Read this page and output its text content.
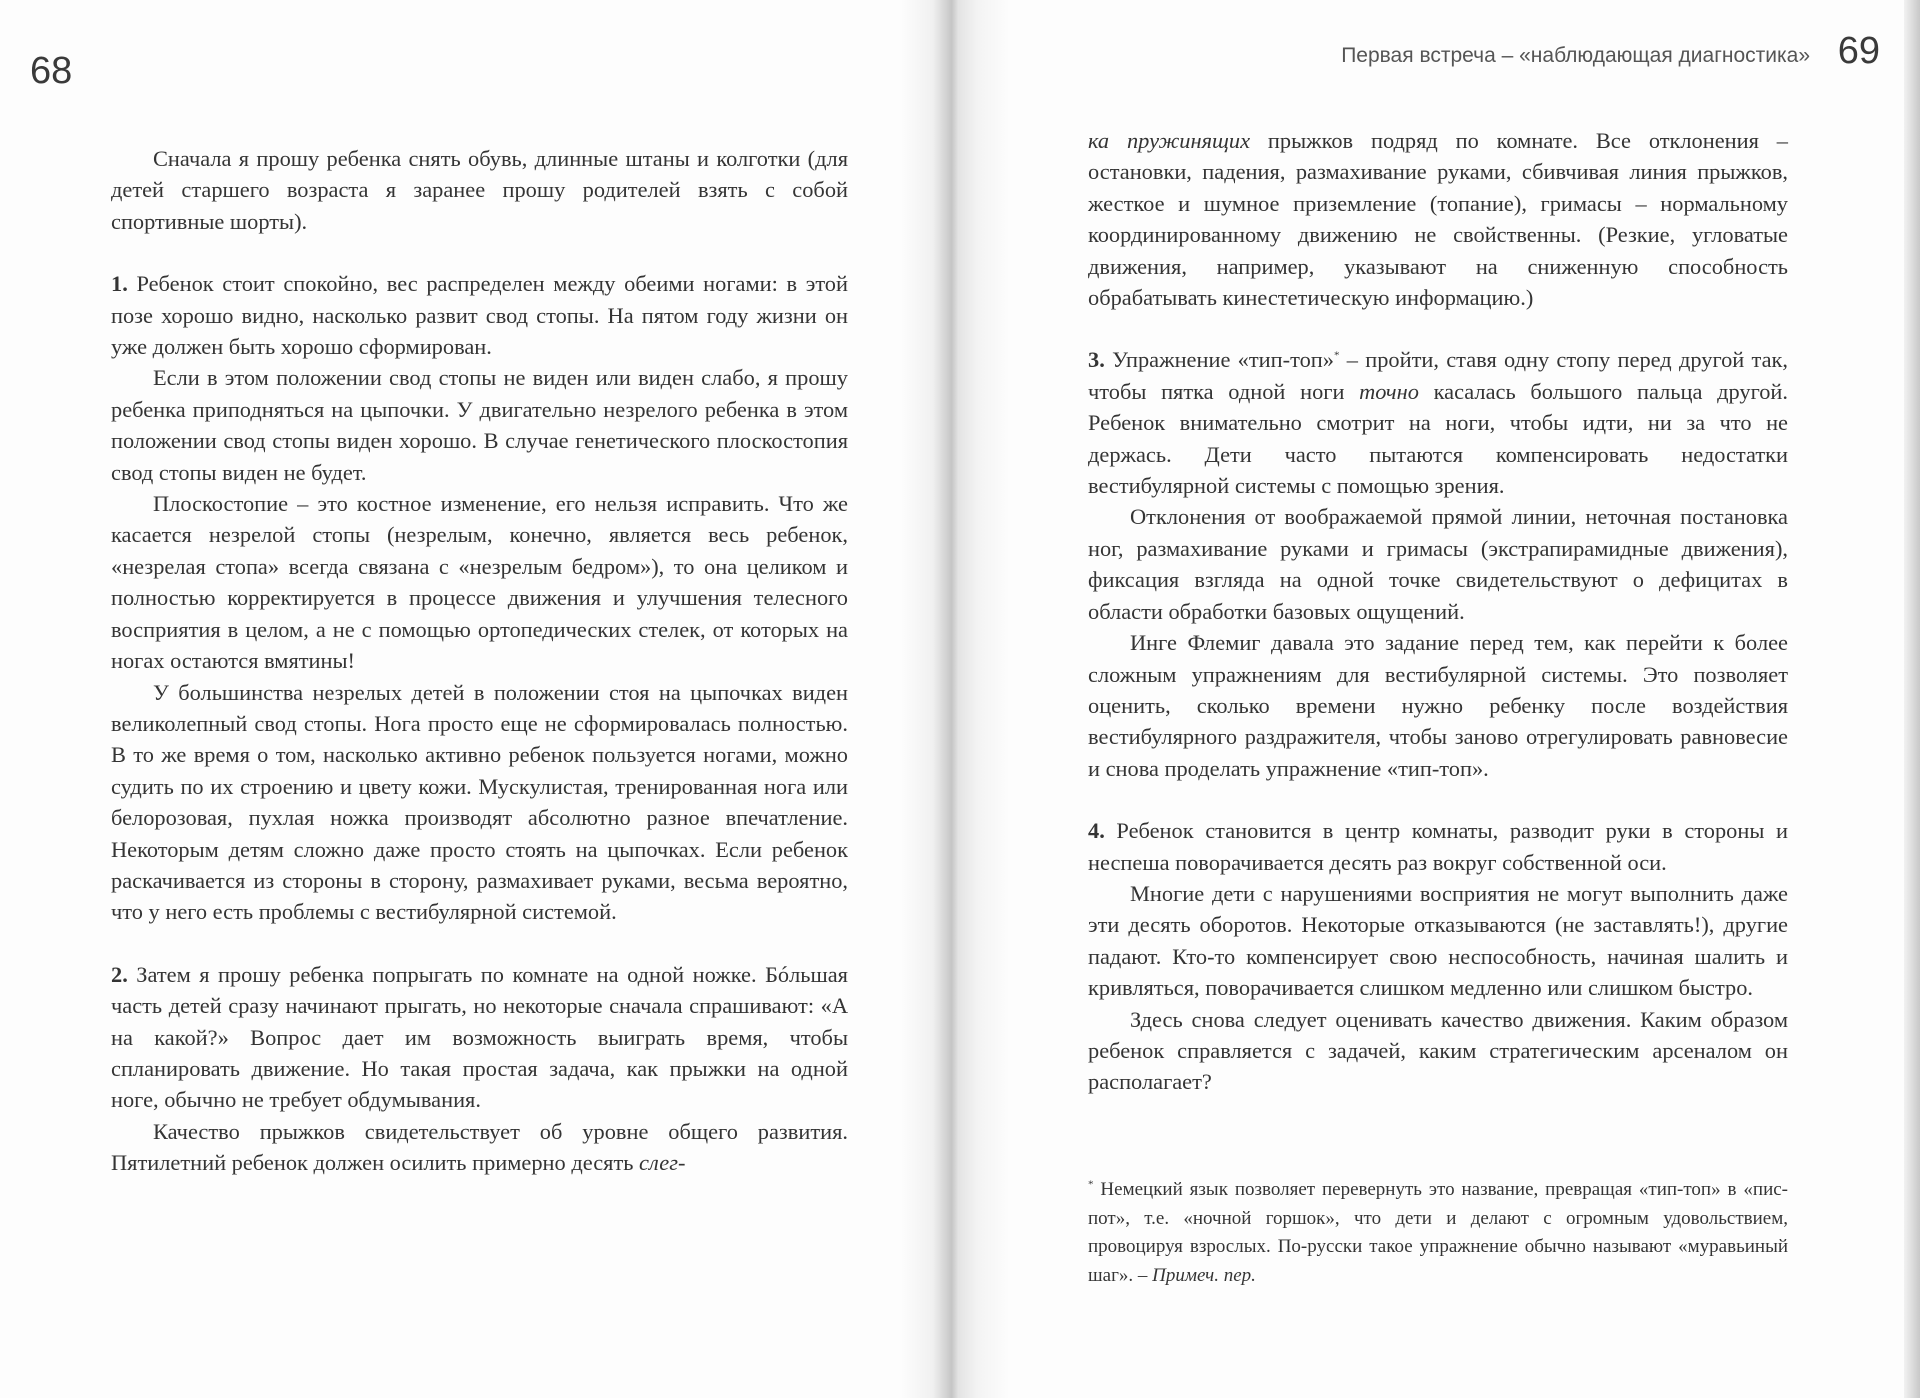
68

Сначала я прошу ребенка снять обувь, длинные штаны и колготки (для детей старшего возраста я заранее прошу родителей взять с собой спортивные шорты).

1. Ребенок стоит спокойно, вес распределен между обеими ногами: в этой позе хорошо видно, насколько развит свод стопы. На пятом году жизни он уже должен быть хорошо сформирован.

Если в этом положении свод стопы не виден или виден слабо, я прошу ребенка приподняться на цыпочки. У двигательно незрелого ребенка в этом положении свод стопы виден хорошо. В случае генетического плоскостопия свод стопы виден не будет.

Плоскостопие – это костное изменение, его нельзя исправить. Что же касается незрелой стопы (незрелым, конечно, является весь ребенок, «незрелая стопа» всегда связана с «незрелым бедром»), то она целиком и полностью корректируется в процессе движения и улучшения телесного восприятия в целом, а не с помощью ортопедических стелек, от которых на ногах остаются вмятины!

У большинства незрелых детей в положении стоя на цыпочках виден великолепный свод стопы. Нога просто еще не сформировалась полностью. В то же время о том, насколько активно ребенок пользуется ногами, можно судить по их строению и цвету кожи. Мускулистая, тренированная нога или белорозовая, пухлая ножка производят абсолютно разное впечатление. Некоторым детям сложно даже просто стоять на цыпочках. Если ребенок раскачивается из стороны в сторону, размахивает руками, весьма вероятно, что у него есть проблемы с вестибулярной системой.

2. Затем я прошу ребенка попрыгать по комнате на одной ножке. Бóльшая часть детей сразу начинают прыгать, но некоторые сначала спрашивают: «А на какой?» Вопрос дает им возможность выиграть время, чтобы спланировать движение. Но такая простая задача, как прыжки на одной ноге, обычно не требует обдумывания.

Качество прыжков свидетельствует об уровне общего развития. Пятилетний ребенок должен осилить примерно десять слег-

Первая встреча – «наблюдающая диагностика» 69

ка пружинящих прыжков подряд по комнате. Все отклонения – остановки, падения, размахивание руками, сбивчивая линия прыжков, жесткое и шумное приземление (топание), гримасы – нормальному координированному движению не свойственны. (Резкие, угловатые движения, например, указывают на сниженную способность обрабатывать кинестетическую информацию.)

3. Упражнение «тип-топ»* – пройти, ставя одну стопу перед другой так, чтобы пятка одной ноги точно касалась большого пальца другой. Ребенок внимательно смотрит на ноги, чтобы идти, ни за что не держась. Дети часто пытаются компенсировать недостатки вестибулярной системы с помощью зрения.

Отклонения от воображаемой прямой линии, неточная постановка ног, размахивание руками и гримасы (экстрапирамидные движения), фиксация взгляда на одной точке свидетельствуют о дефицитах в области обработки базовых ощущений.

Инге Флемиг давала это задание перед тем, как перейти к более сложным упражнениям для вестибулярной системы. Это позволяет оценить, сколько времени нужно ребенку после воздействия вестибулярного раздражителя, чтобы заново отрегулировать равновесие и снова проделать упражнение «тип-топ».

4. Ребенок становится в центр комнаты, разводит руки в стороны и неспеша поворачивается десять раз вокруг собственной оси.

Многие дети с нарушениями восприятия не могут выполнить даже эти десять оборотов. Некоторые отказываются (не заставлять!), другие падают. Кто-то компенсирует свою неспособность, начиная шалить и кривляться, поворачивается слишком медленно или слишком быстро.

Здесь снова следует оценивать качество движения. Каким образом ребенок справляется с задачей, каким стратегическим арсеналом он располагает?

* Немецкий язык позволяет перевернуть это название, превращая «тип-топ» в «пис-пот», т.е. «ночной горшок», что дети и делают с огромным удовольствием, провоцируя взрослых. По-русски такое упражнение обычно называют «муравьиный шаг». – Примеч. пер.
